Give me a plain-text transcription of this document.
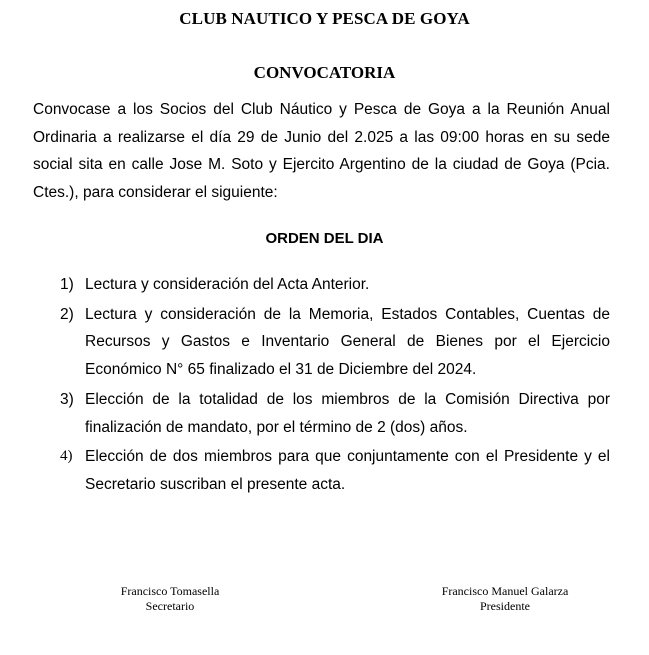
CLUB NAUTICO Y PESCA DE GOYA
CONVOCATORIA

Convocase a los Socios del Club Náutico y Pesca de Goya a la Reunión Anual Ordinaria a realizarse el día 29 de Junio del 2.025 a las 09:00 horas en su sede social sita en calle Jose M. Soto y Ejercito Argentino de la ciudad de Goya (Pcia. Ctes.), para considerar el siguiente:

ORDEN DEL DIA
1) Lectura y consideración del Acta Anterior.
2) Lectura y consideración de la Memoria, Estados Contables, Cuentas de Recursos y Gastos e Inventario General de Bienes por el Ejercicio Económico N° 65 finalizado el 31 de Diciembre del 2024.
3) Elección de la totalidad de los miembros de la Comisión Directiva por finalización de mandato, por el término de 2 (dos) años.
4) Elección de dos miembros para que conjuntamente con el Presidente y el Secretario suscriban el presente acta.
Francisco Tomasella
Secretario
Francisco Manuel Galarza
Presidente
